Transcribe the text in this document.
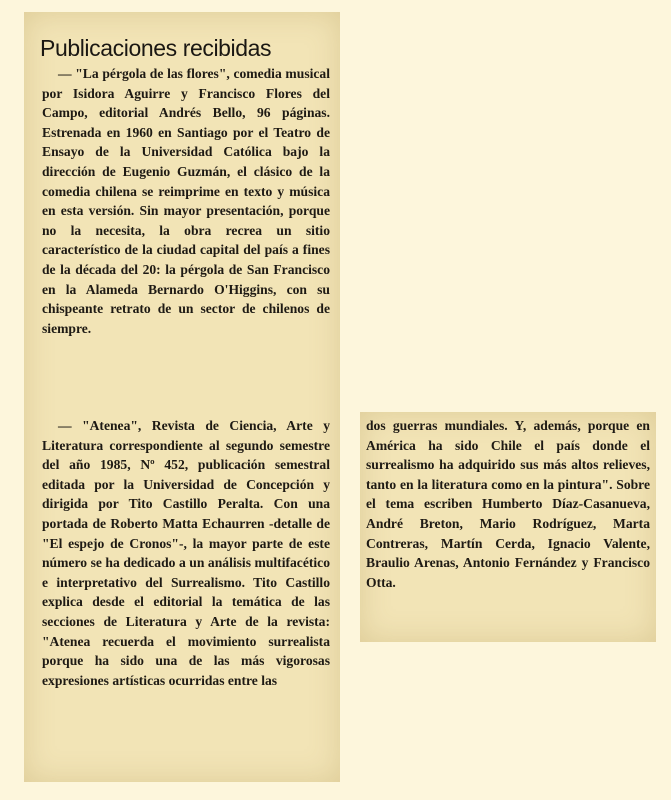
Publicaciones recibidas

— "La pérgola de las flores", comedia musical por Isidora Aguirre y Francisco Flores del Campo, editorial Andrés Bello, 96 páginas. Estrenada en 1960 en Santiago por el Teatro de Ensayo de la Universidad Católica bajo la dirección de Eugenio Guzmán, el clásico de la comedia chilena se reimprime en texto y música en esta versión. Sin mayor presentación, porque no la necesita, la obra recrea un sitio característico de la ciudad capital del país a fines de la década del 20: la pérgola de San Francisco en la Alameda Bernardo O'Higgins, con su chispeante retrato de un sector de chilenos de siempre.

— "Atenea", Revista de Ciencia, Arte y Literatura correspondiente al segundo semestre del año 1985, Nº 452, publicación semestral editada por la Universidad de Concepción y dirigida por Tito Castillo Peralta. Con una portada de Roberto Matta Echaurren -detalle de "El espejo de Cronos"-, la mayor parte de este número se ha dedicado a un análisis multifacético e interpretativo del Surrealismo. Tito Castillo explica desde el editorial la temática de las secciones de Literatura y Arte de la revista: "Atenea recuerda el movimiento surrealista porque ha sido una de las más vigorosas expresiones artísticas ocurridas entre las

dos guerras mundiales. Y, además, porque en América ha sido Chile el país donde el surrealismo ha adquirido sus más altos relieves, tanto en la literatura como en la pintura". Sobre el tema escriben Humberto Díaz-Casanueva, André Breton, Mario Rodríguez, Marta Contreras, Martín Cerda, Ignacio Valente, Braulio Arenas, Antonio Fernández y Francisco Otta.
